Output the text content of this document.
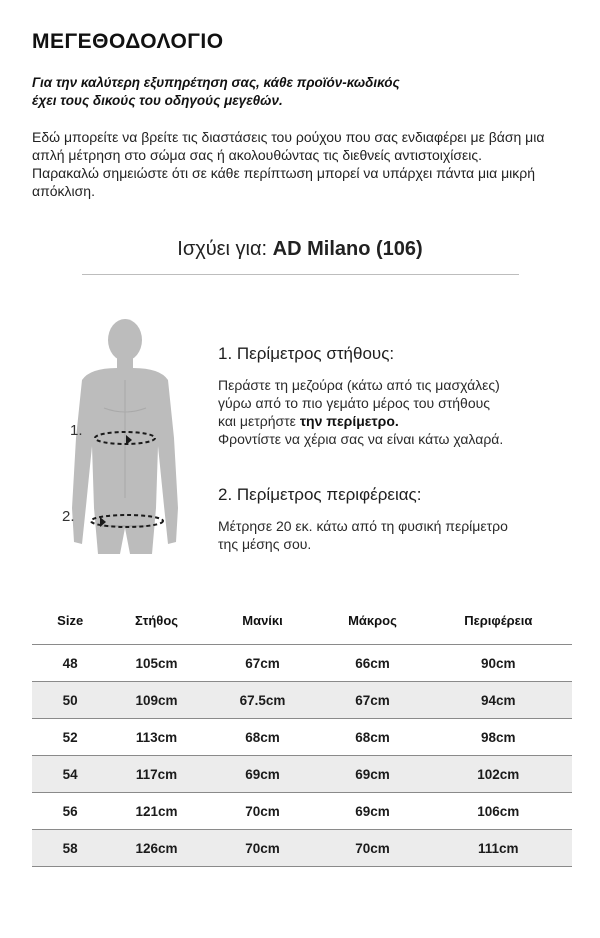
ΜΕΓΕΘΟΔΟΛΟΓΙΟ
Για την καλύτερη εξυπηρέτηση σας, κάθε προϊόν-κωδικός
έχει τους δικούς του οδηγούς μεγεθών.

Εδώ μπορείτε να βρείτε τις διαστάσεις του ρούχου που σας ενδιαφέρει με βάση μια απλή μέτρηση στο σώμα σας ή ακολουθώντας τις διεθνείς αντιστοιχίσεις.

Παρακαλώ σημειώστε ότι σε κάθε περίπτωση μπορεί να υπάρχει πάντα μια μικρή απόκλιση.

Ισχύει για: AD Milano (106)
1.
2.
1. Περίμετρος στήθους:
Περάστε τη μεζούρα (κάτω από τις μασχάλες)
γύρω από το πιο γεμάτο μέρος του στήθους
και μετρήστε την περίμετρο.
Φροντίστε να χέρια σας να είναι κάτω χαλαρά.
2. Περίμετρος περιφέρειας:
Μέτρησε 20 εκ. κάτω από τη φυσική περίμετρο
της μέσης σου.
Size	Στήθος	Μανίκι	Μάκρος	Περιφέρεια

48	105cm	67cm	66cm	90cm
50	109cm	67.5cm	67cm	94cm
52	113cm	68cm	68cm	98cm
54	117cm	69cm	69cm	102cm
56	121cm	70cm	69cm	106cm
58	126cm	70cm	70cm	111cm
